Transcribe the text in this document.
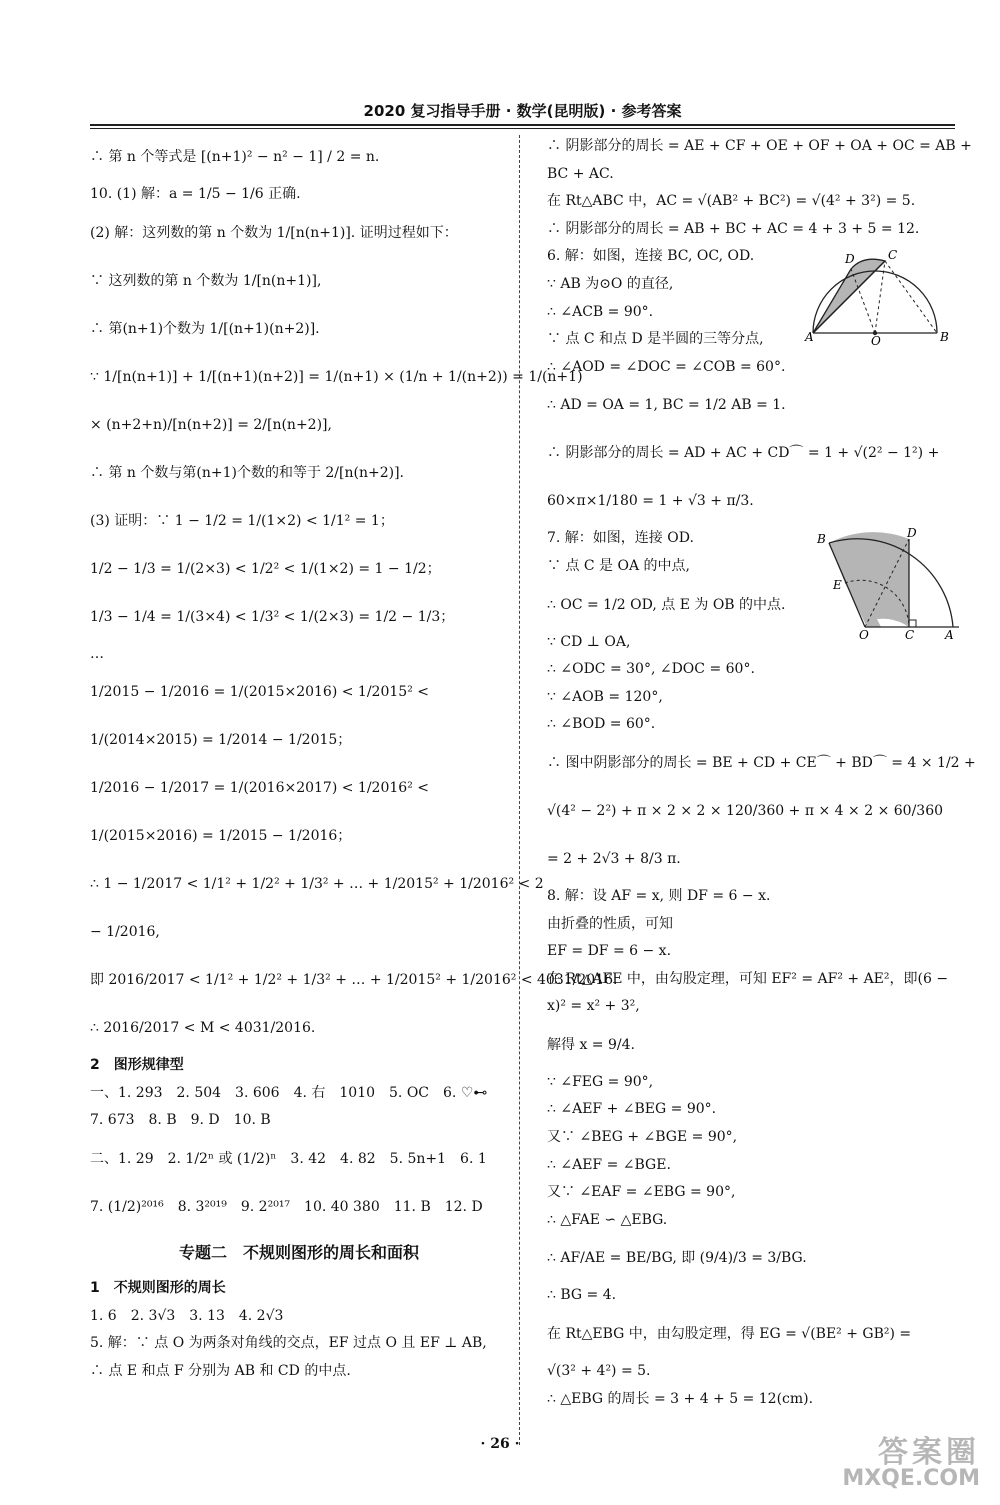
2020 复习指导手册 · 数学(昆明版) · 参考答案
∴ 第 n 个等式是 [(n+1)² − n² − 1] / 2 = n.
10. (1) 解：a = 1/5 − 1/6 正确.
(2) 解：这列数的第 n 个数为 1/[n(n+1)]. 证明过程如下：
∵ 这列数的第 n 个数为 1/[n(n+1)],
∴ 第(n+1)个数为 1/[(n+1)(n+2)].
∵ 1/[n(n+1)] + 1/[(n+1)(n+2)] = 1/(n+1) × (1/n + 1/(n+2)) = 1/(n+1)
× (n+2+n)/[n(n+2)] = 2/[n(n+2)],
∴ 第 n 个数与第(n+1)个数的和等于 2/[n(n+2)].
(3) 证明：∵ 1 − 1/2 = 1/(1×2) < 1/1² = 1；
1/2 − 1/3 = 1/(2×3) < 1/2² < 1/(1×2) = 1 − 1/2；
1/3 − 1/4 = 1/(3×4) < 1/3² < 1/(2×3) = 1/2 − 1/3；
…
1/2015 − 1/2016 = 1/(2015×2016) < 1/2015² <
1/(2014×2015) = 1/2014 − 1/2015；
1/2016 − 1/2017 = 1/(2016×2017) < 1/2016² <
1/(2015×2016) = 1/2015 − 1/2016；
∴ 1 − 1/2017 < 1/1² + 1/2² + 1/3² + … + 1/2015² + 1/2016² < 2
− 1/2016,
即 2016/2017 < 1/1² + 1/2² + 1/3² + … + 1/2015² + 1/2016² < 4031/2016.
∴ 2016/2017 < M < 4031/2016.
2　图形规律型
一、1. 293　2. 504　3. 606　4. 右　1010　5. OC　6. ♡⊷
7. 673　8. B　9. D　10. B
二、1. 29　2. 1/2ⁿ 或 (1/2)ⁿ　3. 42　4. 82　5. 5n+1　6. 1
7. (1/2)²⁰¹⁶　8. 3²⁰¹⁹　9. 2²⁰¹⁷　10. 40 380　11. B　12. D
专题二　不规则图形的周长和面积
1　不规则图形的周长
1. 6　2. 3√3　3. 13　4. 2√3
5. 解：∵ 点 O 为两条对角线的交点，EF 过点 O 且 EF ⊥ AB,
∴ 点 E 和点 F 分别为 AB 和 CD 的中点.
∴ 阴影部分的周长 = AE + CF + OE + OF + OA + OC = AB +
BC + AC.
在 Rt△ABC 中，AC = √(AB² + BC²) = √(4² + 3²) = 5.
∴ 阴影部分的周长 = AB + BC + AC = 4 + 3 + 5 = 12.
D	C
A	O	B
6. 解：如图，连接 BC, OC, OD.
∵ AB 为⊙O 的直径,
∴ ∠ACB = 90°.
∵ 点 C 和点 D 是半圆的三等分点,
∴ ∠AOD = ∠DOC = ∠COB = 60°.
∴ AD = OA = 1, BC = 1/2 AB = 1.
∴ 阴影部分的周长 = AD + AC + CD⌒ = 1 + √(2² − 1²) +
60×π×1/180 = 1 + √3 + π/3.
B	D
E
O	C	A
7. 解：如图，连接 OD.
∵ 点 C 是 OA 的中点,
∴ OC = 1/2 OD, 点 E 为 OB 的中点.
∵ CD ⊥ OA,
∴ ∠ODC = 30°, ∠DOC = 60°.
∵ ∠AOB = 120°,
∴ ∠BOD = 60°.
∴ 图中阴影部分的周长 = BE + CD + CE⌒ + BD⌒ = 4 × 1/2 +
√(4² − 2²) + π × 2 × 2 × 120/360 + π × 4 × 2 × 60/360
= 2 + 2√3 + 8/3 π.
8. 解：设 AF = x, 则 DF = 6 − x.
由折叠的性质，可知
EF = DF = 6 − x.
在 Rt△AFE 中，由勾股定理，可知 EF² = AF² + AE²，即(6 −
x)² = x² + 3²,
解得 x = 9/4.
∵ ∠FEG = 90°,
∴ ∠AEF + ∠BEG = 90°.
又∵ ∠BEG + ∠BGE = 90°,
∴ ∠AEF = ∠BGE.
又∵ ∠EAF = ∠EBG = 90°,
∴ △FAE ∽ △EBG.
∴ AF/AE = BE/BG, 即 (9/4)/3 = 3/BG.
∴ BG = 4.
在 Rt△EBG 中，由勾股定理，得 EG = √(BE² + GB²) =
√(3² + 4²) = 5.
∴ △EBG 的周长 = 3 + 4 + 5 = 12(cm).
· 26 ·	答案圈
MXQE.COM
